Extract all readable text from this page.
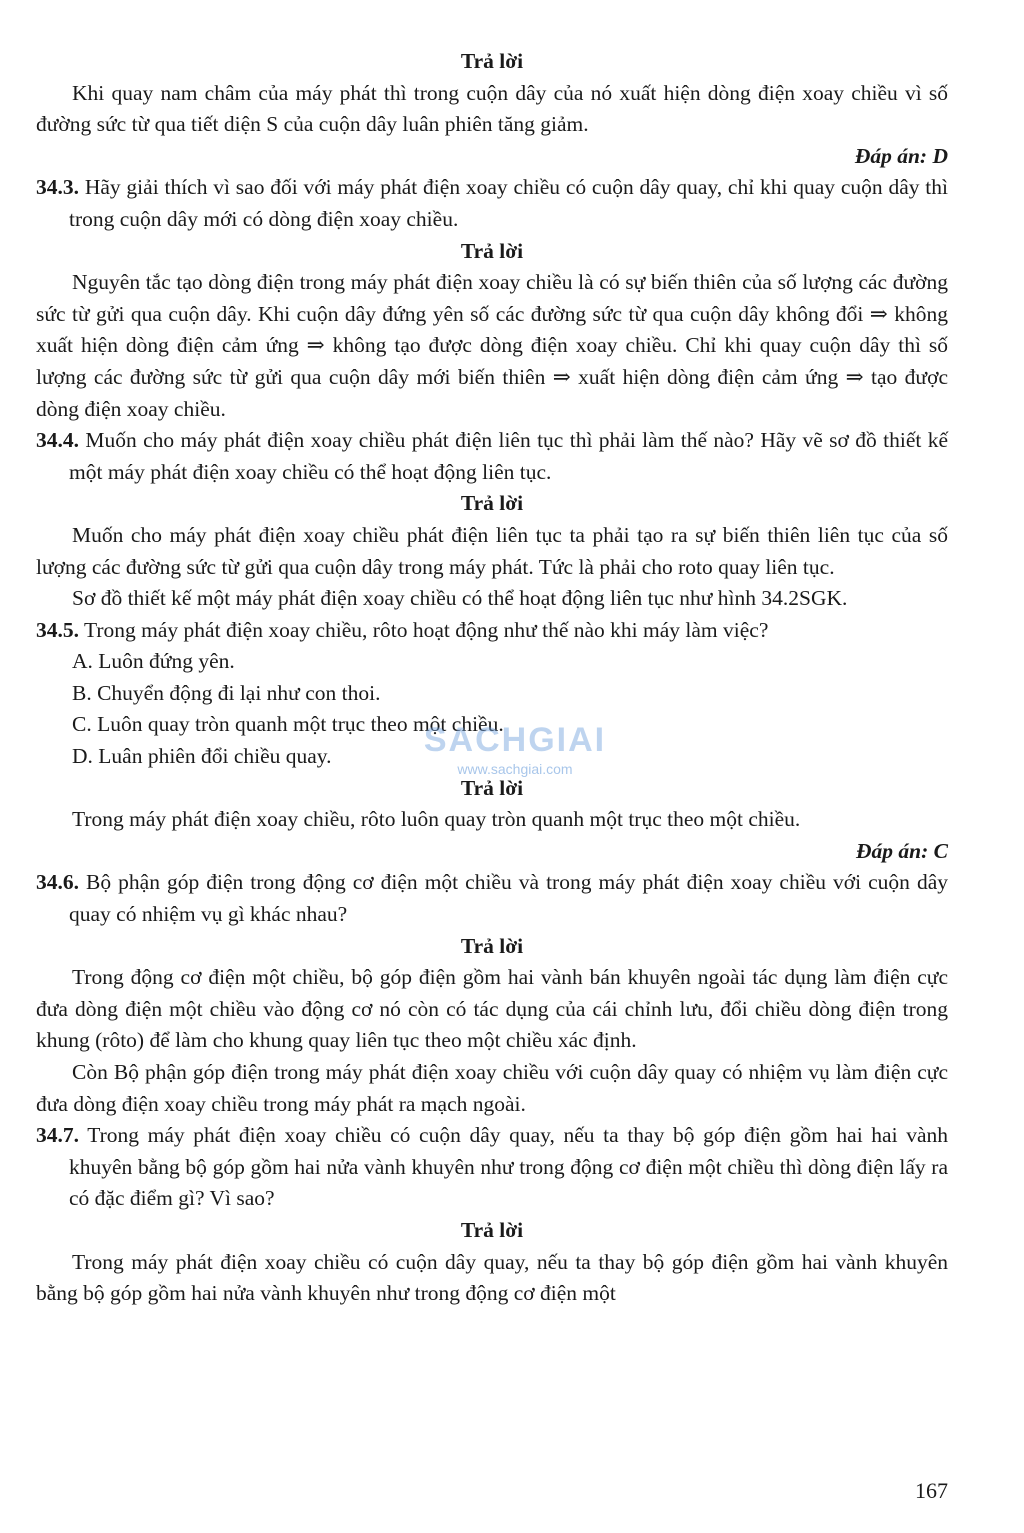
Trả lời
Khi quay nam châm của máy phát thì trong cuộn dây của nó xuất hiện dòng điện xoay chiều vì số đường sức từ qua tiết diện S của cuộn dây luân phiên tăng giảm.
Đáp án: D
34.3. Hãy giải thích vì sao đối với máy phát điện xoay chiều có cuộn dây quay, chỉ khi quay cuộn dây thì trong cuộn dây mới có dòng điện xoay chiều.
Trả lời
Nguyên tắc tạo dòng điện trong máy phát điện xoay chiều là có sự biến thiên của số lượng các đường sức từ gửi qua cuộn dây. Khi cuộn dây đứng yên số các đường sức từ qua cuộn dây không đổi ⇒ không xuất hiện dòng điện cảm ứng ⇒ không tạo được dòng điện xoay chiều. Chỉ khi quay cuộn dây thì số lượng các đường sức từ gửi qua cuộn dây mới biến thiên ⇒ xuất hiện dòng điện cảm ứng ⇒ tạo được dòng điện xoay chiều.
34.4. Muốn cho máy phát điện xoay chiều phát điện liên tục thì phải làm thế nào? Hãy vẽ sơ đồ thiết kế một máy phát điện xoay chiều có thể hoạt động liên tục.
Trả lời
Muốn cho máy phát điện xoay chiều phát điện liên tục ta phải tạo ra sự biến thiên liên tục của số lượng các đường sức từ gửi qua cuộn dây trong máy phát. Tức là phải cho roto quay liên tục.
Sơ đồ thiết kế một máy phát điện xoay chiều có thể hoạt động liên tục như hình 34.2SGK.
34.5. Trong máy phát điện xoay chiều, rôto hoạt động như thế nào khi máy làm việc?
A. Luôn đứng yên.
B. Chuyển động đi lại như con thoi.
C. Luôn quay tròn quanh một trục theo một chiều.
D. Luân phiên đổi chiều quay.
Trả lời
Trong máy phát điện xoay chiều, rôto luôn quay tròn quanh một trục theo một chiều.
Đáp án: C
34.6. Bộ phận góp điện trong động cơ điện một chiều và trong máy phát điện xoay chiều với cuộn dây quay có nhiệm vụ gì khác nhau?
Trả lời
Trong động cơ điện một chiều, bộ góp điện gồm hai vành bán khuyên ngoài tác dụng làm điện cực đưa dòng điện một chiều vào động cơ nó còn có tác dụng của cái chỉnh lưu, đổi chiều dòng điện trong khung (rôto) để làm cho khung quay liên tục theo một chiều xác định.
Còn Bộ phận góp điện trong máy phát điện xoay chiều với cuộn dây quay có nhiệm vụ làm điện cực đưa dòng điện xoay chiều trong máy phát ra mạch ngoài.
34.7. Trong máy phát điện xoay chiều có cuộn dây quay, nếu ta thay bộ góp điện gồm hai hai vành khuyên bằng bộ góp gồm hai nửa vành khuyên như trong động cơ điện một chiều thì dòng điện lấy ra có đặc điểm gì? Vì sao?
Trả lời
Trong máy phát điện xoay chiều có cuộn dây quay, nếu ta thay bộ góp điện gồm hai vành khuyên bằng bộ góp gồm hai nửa vành khuyên như trong động cơ điện một
SACHGIAI
www.sachgiai.com
167
